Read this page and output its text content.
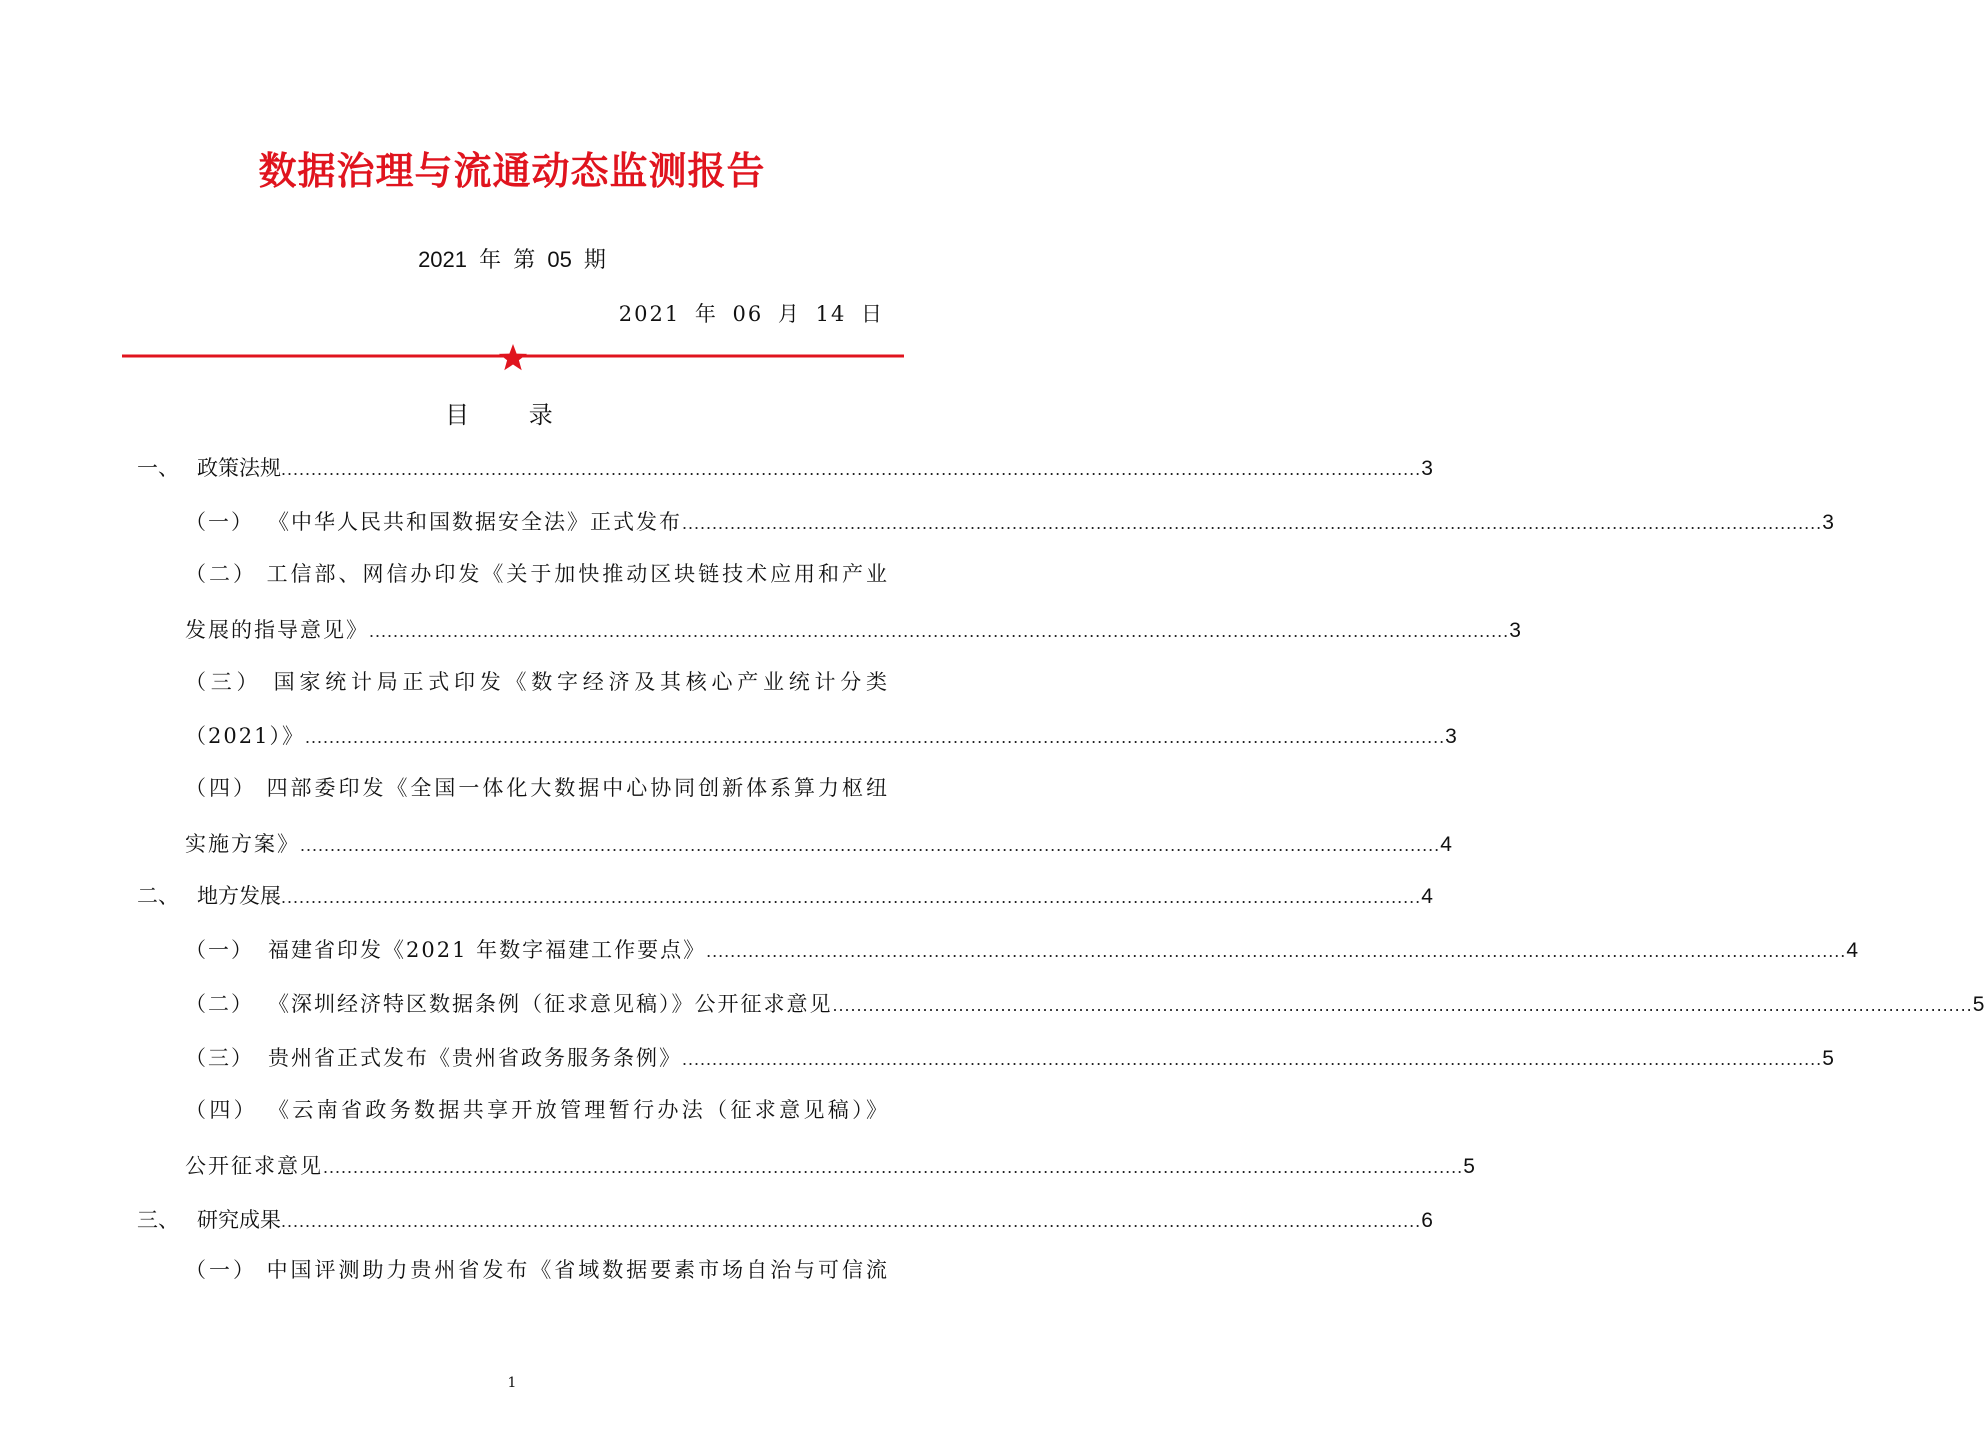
数据治理与流通动态监测报告
2021 年 第 05 期
2021 年 06 月 14 日
目 录
一、 政策法规 .............................................................................................................................................................................................. 3
（一） 《中华人民共和国数据安全法》正式发布 .............................................................................................................................................................................................. 3
（二） 工信部、网信办印发《关于加快推动区块链技术应用和产业
发展的指导意见》 .............................................................................................................................................................................................. 3
（三） 国家统计局正式印发《数字经济及其核心产业统计分类
（2021）》 .............................................................................................................................................................................................. 3
（四） 四部委印发《全国一体化大数据中心协同创新体系算力枢纽
实施方案》 .............................................................................................................................................................................................. 4
二、 地方发展 .............................................................................................................................................................................................. 4
（一） 福建省印发《2021 年数字福建工作要点》 .............................................................................................................................................................................................. 4
（二） 《深圳经济特区数据条例（征求意见稿）》公开征求意见 .............................................................................................................................................................................................. 5
（三） 贵州省正式发布《贵州省政务服务条例》 .............................................................................................................................................................................................. 5
（四） 《云南省政务数据共享开放管理暂行办法（征求意见稿）》
公开征求意见 .............................................................................................................................................................................................. 5
三、 研究成果 .............................................................................................................................................................................................. 6
（一） 中国评测助力贵州省发布《省域数据要素市场自治与可信流
1
